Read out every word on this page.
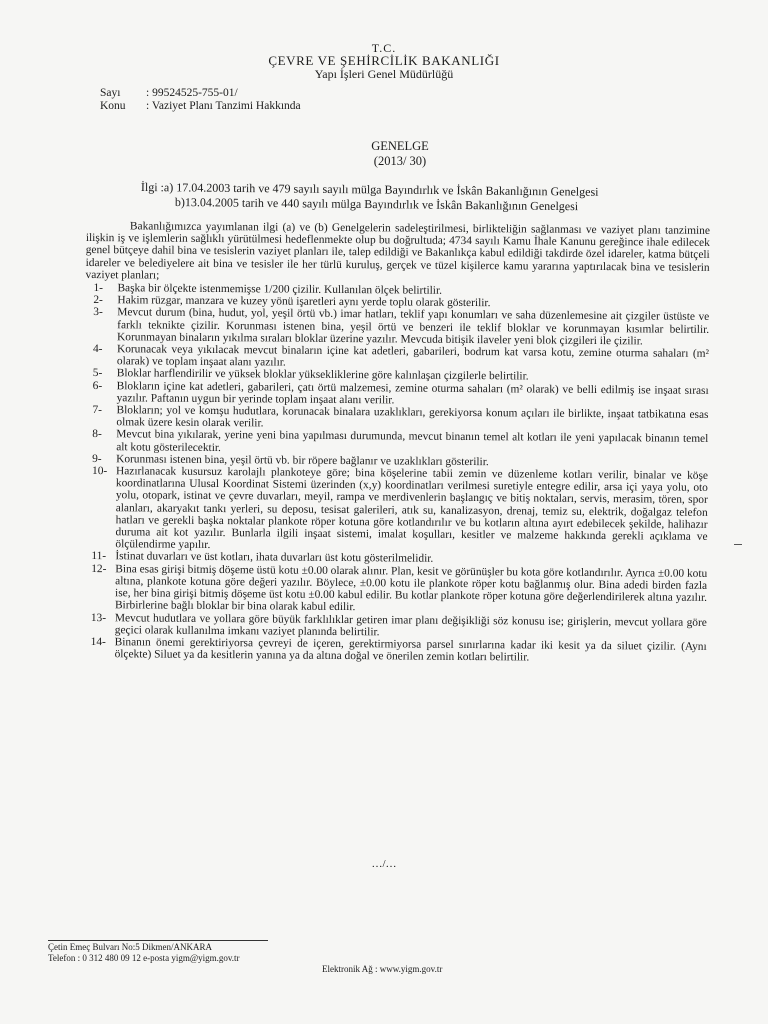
T.C.
ÇEVRE VE ŞEHİRCİLİK BAKANLIĞI
Yapı İşleri Genel Müdürlüğü
Sayı : 99524525-755-01/
Konu : Vaziyet Planı Tanzimi Hakkında
GENELGE
(2013/ 30)
İlgi :a) 17.04.2003 tarih ve 479 sayılı sayılı mülga Bayındırlık ve İskân Bakanlığının Genelgesi
b)13.04.2005 tarih ve 440 sayılı mülga Bayındırlık ve İskân Bakanlığının Genelgesi

Bakanlığımızca yayımlanan ilgi (a) ve (b) Genelgelerin sadeleştirilmesi, birlikteliğin sağlanması ve vaziyet planı tanzimine ilişkin iş ve işlemlerin sağlıklı yürütülmesi hedeflenmekte olup bu doğrultuda; 4734 sayılı Kamu İhale Kanunu gereğince ihale edilecek genel bütçeye dahil bina ve tesislerin vaziyet planları ile, talep edildiği ve Bakanlıkça kabul edildiği takdirde özel idareler, katma bütçeli idareler ve belediyelere ait bina ve tesisler ile her türlü kuruluş, gerçek ve tüzel kişilerce kamu yararına yaptırılacak bina ve tesislerin vaziyet planları;

1- Başka bir ölçekte istenmemişse 1/200 çizilir. Kullanılan ölçek belirtilir.

2- Hakim rüzgar, manzara ve kuzey yönü işaretleri aynı yerde toplu olarak gösterilir.

3- Mevcut durum (bina, hudut, yol, yeşil örtü vb.) imar hatları, teklif yapı konumları ve saha düzenlemesine ait çizgiler üstüste ve farklı teknikte çizilir. Korunması istenen bina, yeşil örtü ve benzeri ile teklif bloklar ve korunmayan kısımlar belirtilir. Korunmayan binaların yıkılma sıraları bloklar üzerine yazılır. Mevcuda bitişik ilaveler yeni blok çizgileri ile çizilir.

4- Korunacak veya yıkılacak mevcut binaların içine kat adetleri, gabarileri, bodrum kat varsa kotu, zemine oturma sahaları (m² olarak) ve toplam inşaat alanı yazılır.

5- Bloklar harflendirilir ve yüksek bloklar yüksekliklerine göre kalınlaşan çizgilerle belirtilir.

6- Blokların içine kat adetleri, gabarileri, çatı örtü malzemesi, zemine oturma sahaları (m² olarak) ve belli edilmiş ise inşaat sırası yazılır. Paftanın uygun bir yerinde toplam inşaat alanı verilir.

7- Blokların; yol ve komşu hudutlara, korunacak binalara uzaklıkları, gerekiyorsa konum açıları ile birlikte, inşaat tatbikatına esas olmak üzere kesin olarak verilir.

8- Mevcut bina yıkılarak, yerine yeni bina yapılması durumunda, mevcut binanın temel alt kotları ile yeni yapılacak binanın temel alt kotu gösterilecektir.

9- Korunması istenen bina, yeşil örtü vb. bir röpere bağlanır ve uzaklıkları gösterilir.

10- Hazırlanacak kusursuz karolajlı plankoteye göre; bina köşelerine tabii zemin ve düzenleme kotları verilir, binalar ve köşe koordinatlarına Ulusal Koordinat Sistemi üzerinden (x,y) koordinatları verilmesi suretiyle entegre edilir, arsa içi yaya yolu, oto yolu, otopark, istinat ve çevre duvarları, meyil, rampa ve merdivenlerin başlangıç ve bitiş noktaları, servis, merasim, tören, spor alanları, akaryakıt tankı yerleri, su deposu, tesisat galerileri, atık su, kanalizasyon, drenaj, temiz su, elektrik, doğalgaz telefon hatları ve gerekli başka noktalar plankote röper kotuna göre kotlandırılır ve bu kotların altına ayırt edebilecek şekilde, halihazır duruma ait kot yazılır. Bunlarla ilgili inşaat sistemi, imalat koşulları, kesitler ve malzeme hakkında gerekli açıklama ve ölçülendirme yapılır.

11- İstinat duvarları ve üst kotları, ihata duvarları üst kotu gösterilmelidir.

12- Bina esas girişi bitmiş döşeme üstü kotu ±0.00 olarak alınır. Plan, kesit ve görünüşler bu kota göre kotlandırılır. Ayrıca ±0.00 kotu altına, plankote kotuna göre değeri yazılır. Böylece, ±0.00 kotu ile plankote röper kotu bağlanmış olur. Bina adedi birden fazla ise, her bina girişi bitmiş döşeme üst kotu ±0.00 kabul edilir. Bu kotlar plankote röper kotuna göre değerlendirilerek altına yazılır. Birbirlerine bağlı bloklar bir bina olarak kabul edilir.

13- Mevcut hudutlara ve yollara göre büyük farklılıklar getiren imar planı değişikliği söz konusu ise; girişlerin, mevcut yollara göre geçici olarak kullanılma imkanı vaziyet planında belirtilir.

14- Binanın önemi gerektiriyorsa çevreyi de içeren, gerektirmiyorsa parsel sınırlarına kadar iki kesit ya da siluet çizilir. (Aynı ölçekte) Siluet ya da kesitlerin yanına ya da altına doğal ve önerilen zemin kotları belirtilir.

…/…
Çetin Emeç Bulvarı No:5 Dikmen/ANKARA
Telefon : 0 312 480 09 12 e-posta yigm@yigm.gov.tr
Elektronik Ağ : www.yigm.gov.tr
